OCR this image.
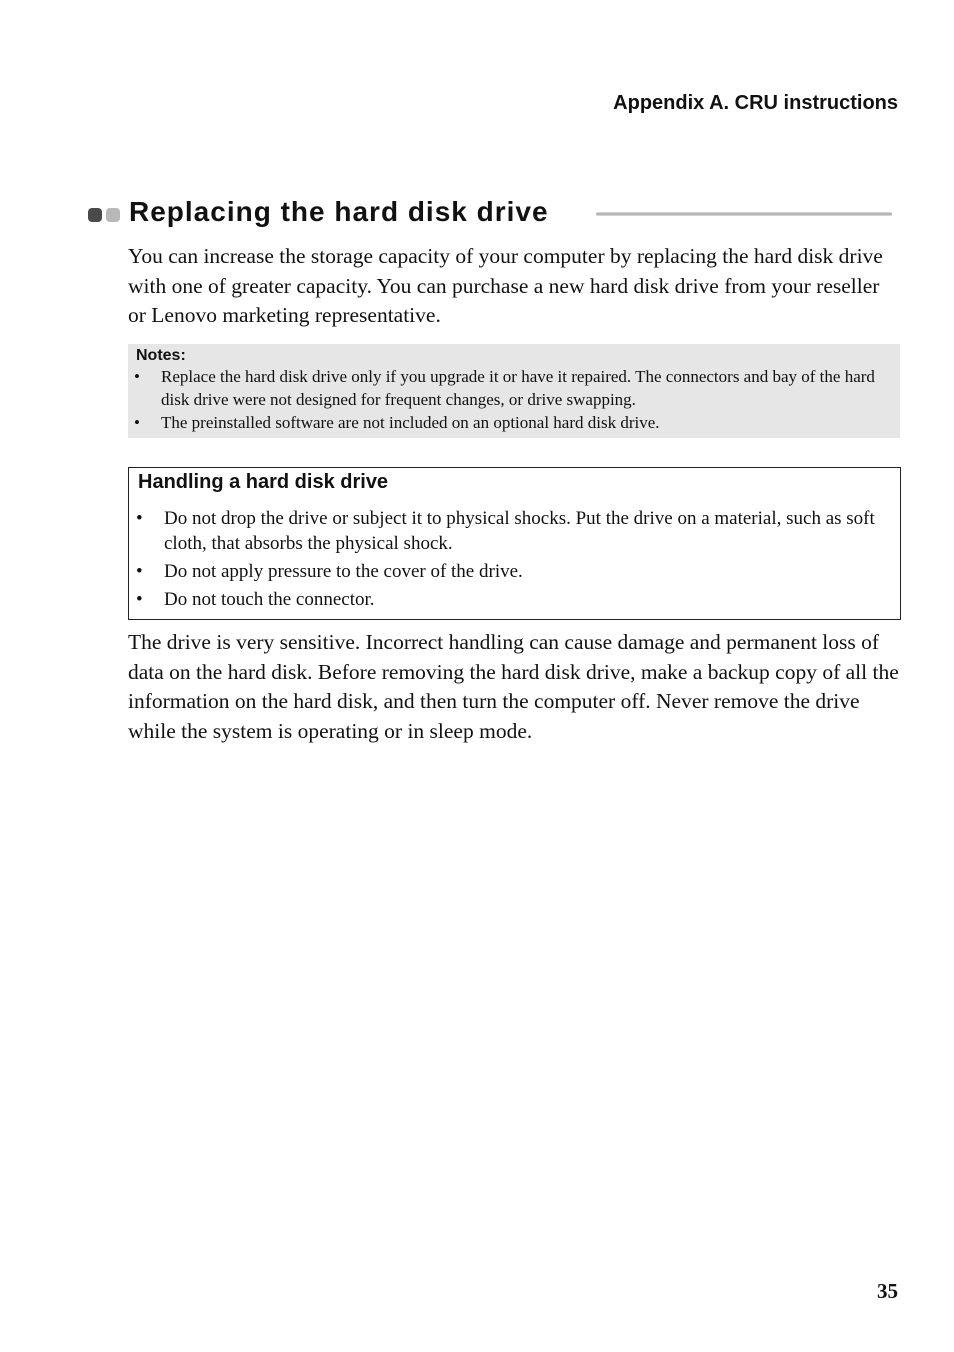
Appendix A. CRU instructions
Replacing the hard disk drive

You can increase the storage capacity of your computer by replacing the hard disk drive with one of greater capacity. You can purchase a new hard disk drive from your reseller or Lenovo marketing representative.

Notes:
• Replace the hard disk drive only if you upgrade it or have it repaired. The connectors and bay of the hard disk drive were not designed for frequent changes, or drive swapping.
• The preinstalled software are not included on an optional hard disk drive.
Handling a hard disk drive
• Do not drop the drive or subject it to physical shocks. Put the drive on a material, such as soft cloth, that absorbs the physical shock.
• Do not apply pressure to the cover of the drive.
• Do not touch the connector.

The drive is very sensitive. Incorrect handling can cause damage and permanent loss of data on the hard disk. Before removing the hard disk drive, make a backup copy of all the information on the hard disk, and then turn the computer off. Never remove the drive while the system is operating or in sleep mode.

35
